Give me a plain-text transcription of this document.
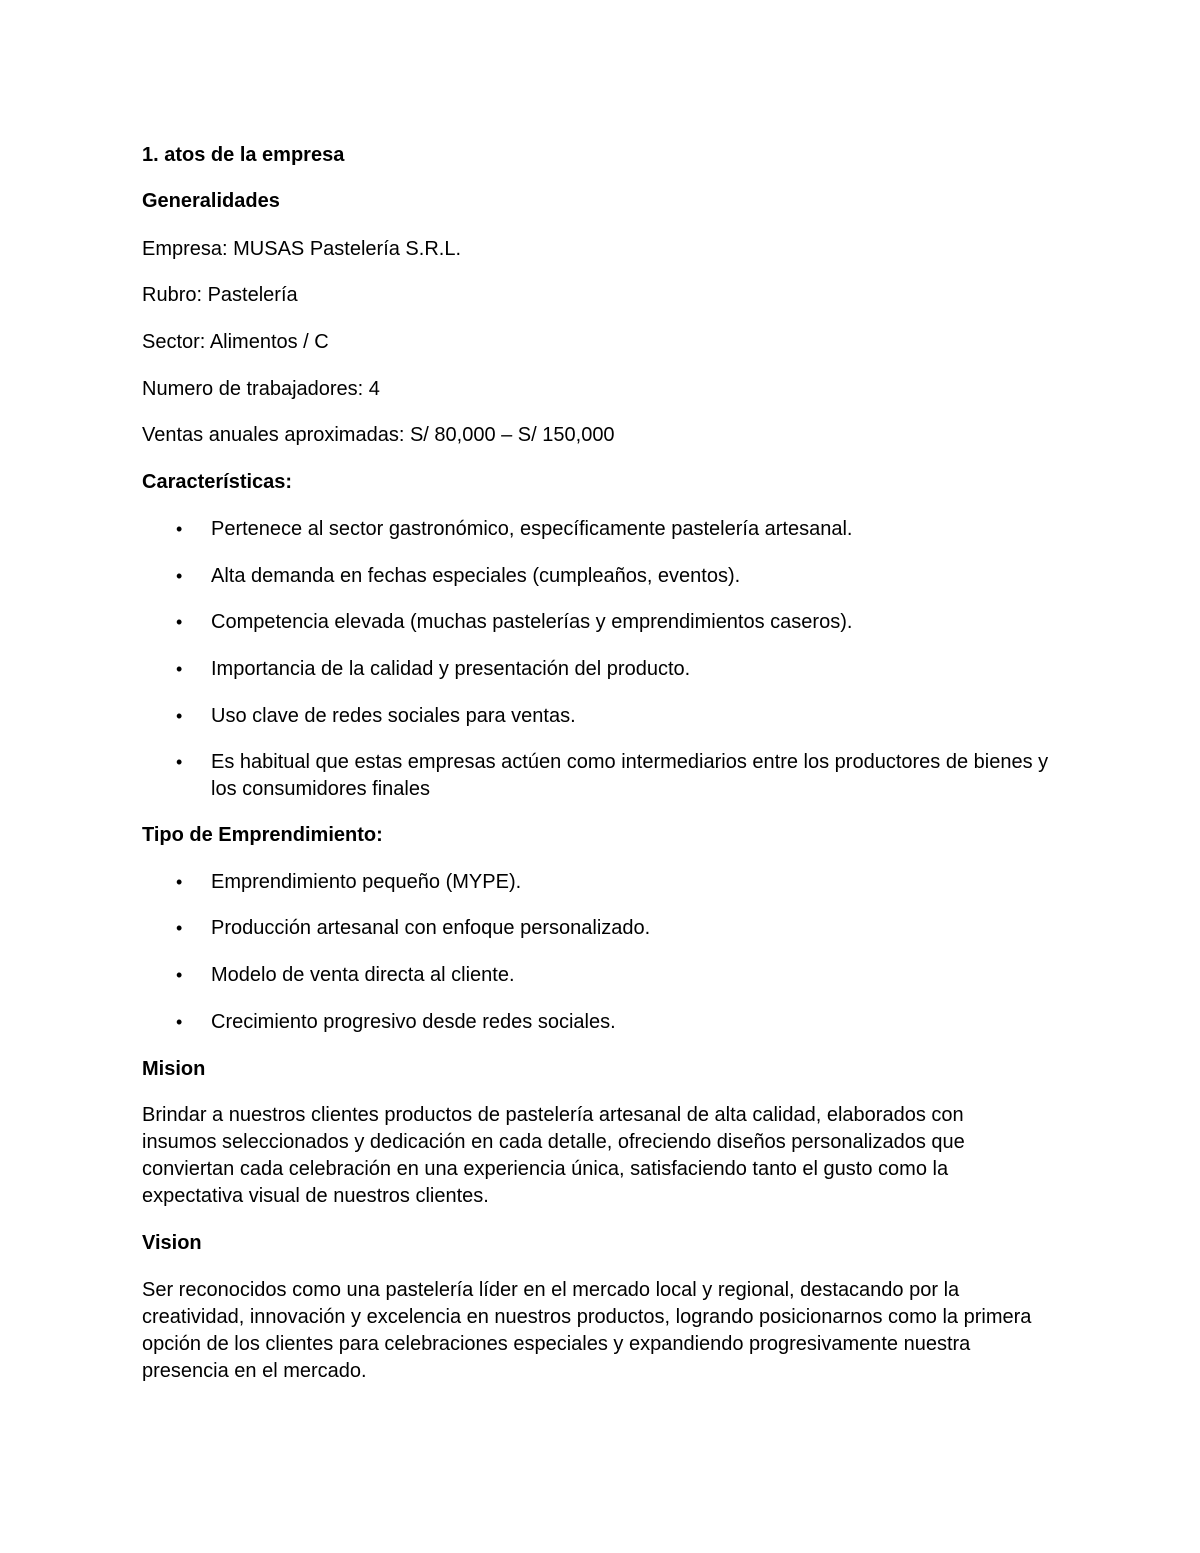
1. atos de la empresa
Generalidades
Empresa: MUSAS Pastelería S.R.L.
Rubro: Pastelería
Sector: Alimentos / C
Numero de trabajadores: 4
Ventas anuales aproximadas: S/ 80,000 – S/ 150,000
Características:
• Pertenece al sector gastronómico, específicamente pastelería artesanal.
• Alta demanda en fechas especiales (cumpleaños, eventos).
• Competencia elevada (muchas pastelerías y emprendimientos caseros).
• Importancia de la calidad y presentación del producto.
• Uso clave de redes sociales para ventas.
• Es habitual que estas empresas actúen como intermediarios entre los productores de bienes y los consumidores finales

Tipo de Emprendimiento:
• Emprendimiento pequeño (MYPE).
• Producción artesanal con enfoque personalizado.
• Modelo de venta directa al cliente.
• Crecimiento progresivo desde redes sociales.
Mision

Brindar a nuestros clientes productos de pastelería artesanal de alta calidad, elaborados con insumos seleccionados y dedicación en cada detalle, ofreciendo diseños personalizados que conviertan cada celebración en una experiencia única, satisfaciendo tanto el gusto como la expectativa visual de nuestros clientes.

Vision

Ser reconocidos como una pastelería líder en el mercado local y regional, destacando por la creatividad, innovación y excelencia en nuestros productos, logrando posicionarnos como la primera opción de los clientes para celebraciones especiales y expandiendo progresivamente nuestra presencia en el mercado.
